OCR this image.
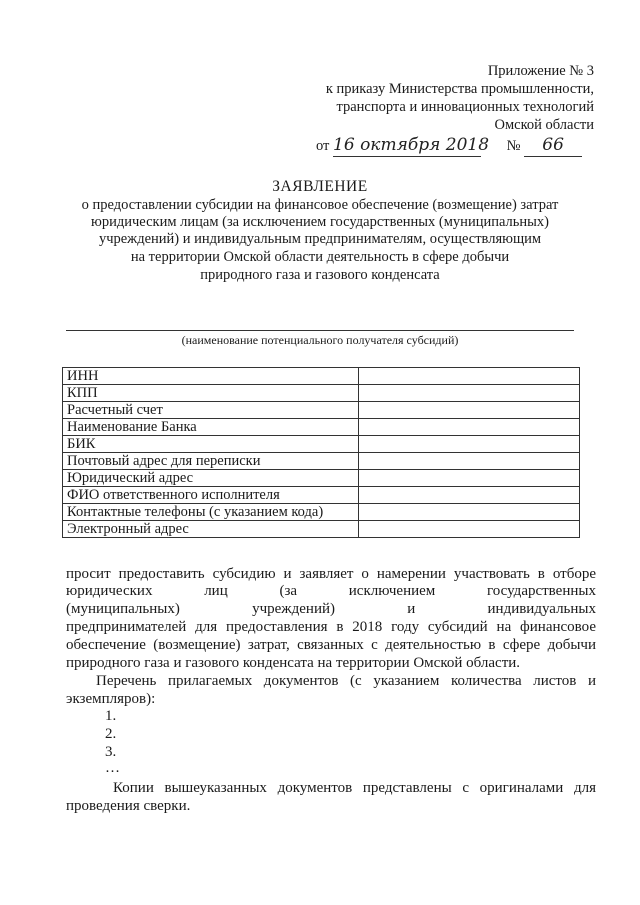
Приложение № 3
к приказу Министерства промышленности,
транспорта и инновационных технологий
Омской области
от 16 октября 2018 № 66
ЗАЯВЛЕНИЕ
о предоставлении субсидии на финансовое обеспечение (возмещение) затрат
юридическим лицам (за исключением государственных (муниципальных)
учреждений) и индивидуальным предпринимателям, осуществляющим
на территории Омской области деятельность в сфере добычи
природного газа и газового конденсата
(наименование потенциального получателя субсидий)
ИНН	
КПП	
Расчетный счет	
Наименование Банка	
БИК	
Почтовый адрес для переписки	
Юридический адрес	
ФИО ответственного исполнителя	
Контактные телефоны (с указанием кода)	
Электронный адрес	
просит предоставить субсидию и заявляет о намерении участвовать в отборе
юридических	лиц	(за	исключением	государственных
(муниципальных)	учреждений)	и	индивидуальных
предпринимателей для предоставления в 2018 году субсидий на финансовое
обеспечение (возмещение) затрат, связанных с деятельностью в сфере добычи
природного газа и газового конденсата на территории Омской области.
Перечень прилагаемых документов (с указанием количества листов и
экземпляров):
1.
2.
3.
…
Копии вышеуказанных документов представлены с оригиналами для
проведения сверки.
